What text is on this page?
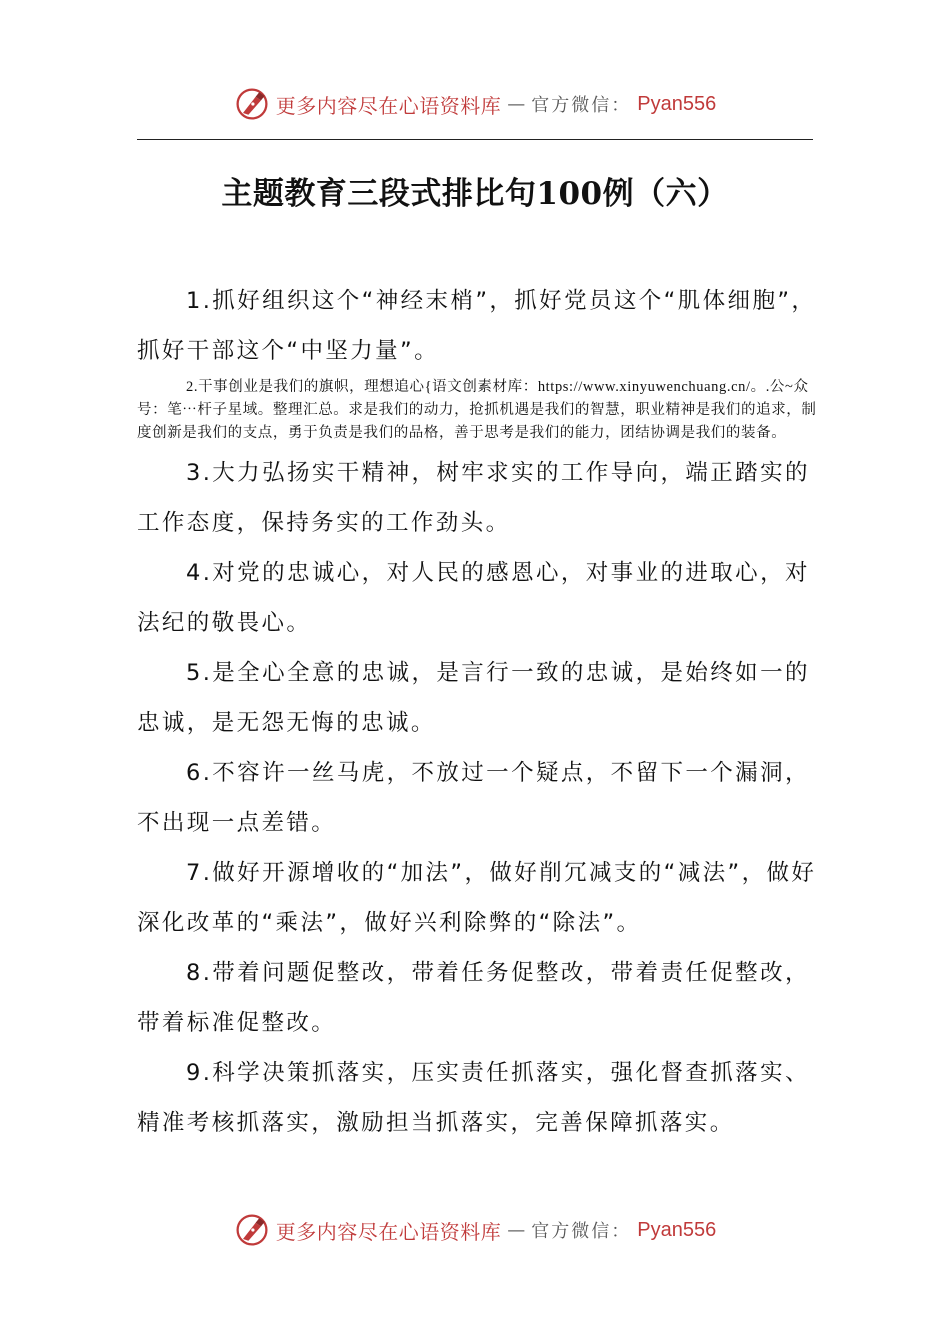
更多内容尽在心语资料库 — 官方微信： Pyan556
主题教育三段式排比句100例（六）

1.抓好组织这个“神经末梢”，抓好党员这个“肌体细胞”，抓好干部这个“中坚力量”。

2.干事创业是我们的旗帜，理想追心{语文创素材库：https://www.xinyuwenchuang.cn/。.公~众号：笔⋯杆子星域。整理汇总。求是我们的动力，抢抓机遇是我们的智慧，职业精神是我们的追求，制度创新是我们的支点，勇于负责是我们的品格，善于思考是我们的能力，团结协调是我们的装备。

3.大力弘扬实干精神，树牢求实的工作导向，端正踏实的工作态度，保持务实的工作劲头。

4.对党的忠诚心，对人民的感恩心，对事业的进取心，对法纪的敬畏心。

5.是全心全意的忠诚，是言行一致的忠诚，是始终如一的忠诚，是无怨无悔的忠诚。

6.不容许一丝马虎，不放过一个疑点，不留下一个漏洞，不出现一点差错。

7.做好开源增收的“加法”，做好削冗减支的“减法”，做好深化改革的“乘法”，做好兴利除弊的“除法”。

8.带着问题促整改，带着任务促整改，带着责任促整改，带着标准促整改。

9.科学决策抓落实，压实责任抓落实，强化督查抓落实、精准考核抓落实，激励担当抓落实，完善保障抓落实。

更多内容尽在心语资料库 — 官方微信： Pyan556
